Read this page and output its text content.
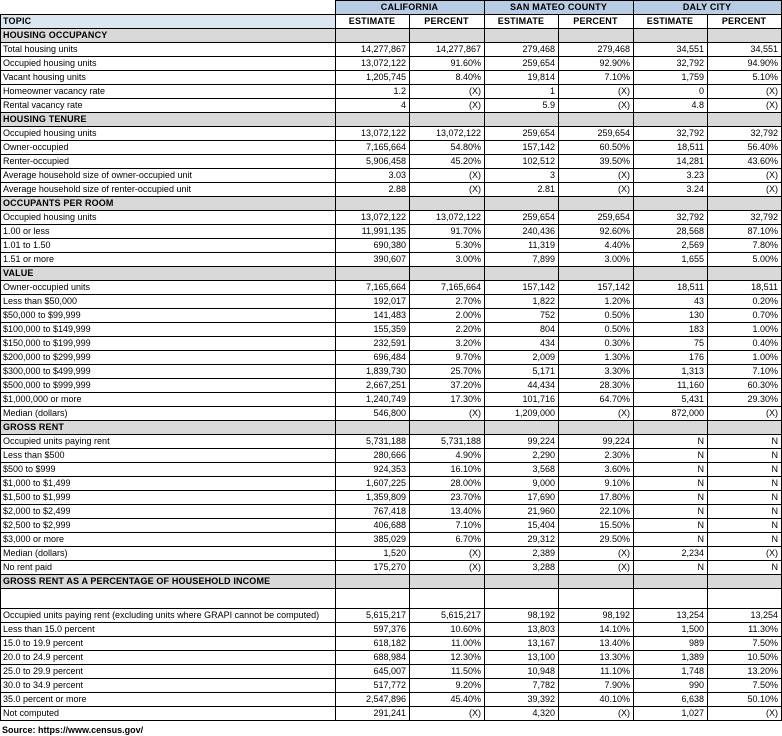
	CALIFORNIA		SAN MATEO COUNTY		DALY CITY	
TOPIC	ESTIMATE	PERCENT	ESTIMATE	PERCENT	ESTIMATE	PERCENT
HOUSING OCCUPANCY						
Total housing units	14,277,867	14,277,867	279,468	279,468	34,551	34,551
Occupied housing units	13,072,122	91.60%	259,654	92.90%	32,792	94.90%
Vacant housing units	1,205,745	8.40%	19,814	7.10%	1,759	5.10%
Homeowner vacancy rate	1.2	(X)	1	(X)	0	(X)
Rental vacancy rate	4	(X)	5.9	(X)	4.8	(X)
HOUSING TENURE						
Occupied housing units	13,072,122	13,072,122	259,654	259,654	32,792	32,792
Owner-occupied	7,165,664	54.80%	157,142	60.50%	18,511	56.40%
Renter-occupied	5,906,458	45.20%	102,512	39.50%	14,281	43.60%
Average household size of owner-occupied unit	3.03	(X)	3	(X)	3.23	(X)
Average household size of renter-occupied unit	2.88	(X)	2.81	(X)	3.24	(X)
OCCUPANTS PER ROOM						
Occupied housing units	13,072,122	13,072,122	259,654	259,654	32,792	32,792
1.00 or less	11,991,135	91.70%	240,436	92.60%	28,568	87.10%
1.01 to 1.50	690,380	5.30%	11,319	4.40%	2,569	7.80%
1.51 or more	390,607	3.00%	7,899	3.00%	1,655	5.00%
VALUE						
Owner-occupied units	7,165,664	7,165,664	157,142	157,142	18,511	18,511
Less than $50,000	192,017	2.70%	1,822	1.20%	43	0.20%
$50,000 to $99,999	141,483	2.00%	752	0.50%	130	0.70%
$100,000 to $149,999	155,359	2.20%	804	0.50%	183	1.00%
$150,000 to $199,999	232,591	3.20%	434	0.30%	75	0.40%
$200,000 to $299,999	696,484	9.70%	2,009	1.30%	176	1.00%
$300,000 to $499,999	1,839,730	25.70%	5,171	3.30%	1,313	7.10%
$500,000 to $999,999	2,667,251	37.20%	44,434	28.30%	11,160	60.30%
$1,000,000 or more	1,240,749	17.30%	101,716	64.70%	5,431	29.30%
Median (dollars)	546,800	(X)	1,209,000	(X)	872,000	(X)
GROSS RENT						
Occupied units paying rent	5,731,188	5,731,188	99,224	99,224	N	N
Less than $500	280,666	4.90%	2,290	2.30%	N	N
$500 to $999	924,353	16.10%	3,568	3.60%	N	N
$1,000 to $1,499	1,607,225	28.00%	9,000	9.10%	N	N
$1,500 to $1,999	1,359,809	23.70%	17,690	17.80%	N	N
$2,000 to $2,499	767,418	13.40%	21,960	22.10%	N	N
$2,500 to $2,999	406,688	7.10%	15,404	15.50%	N	N
$3,000 or more	385,029	6.70%	29,312	29.50%	N	N
Median (dollars)	1,520	(X)	2,389	(X)	2,234	(X)
No rent paid	175,270	(X)	3,288	(X)	N	N
GROSS RENT AS A PERCENTAGE OF HOUSEHOLD INCOME						

Occupied units paying rent (excluding units where GRAPI cannot be computed)	5,615,217	5,615,217	98,192	98,192	13,254	13,254
Less than 15.0 percent	597,376	10.60%	13,803	14.10%	1,500	11.30%
15.0 to 19.9 percent	618,182	11.00%	13,167	13.40%	989	7.50%
20.0 to 24.9 percent	688,984	12.30%	13,100	13.30%	1,389	10.50%
25.0 to 29.9 percent	645,007	11.50%	10,948	11.10%	1,748	13.20%
30.0 to 34.9 percent	517,772	9.20%	7,782	7.90%	990	7.50%
35.0 percent or more	2,547,896	45.40%	39,392	40.10%	6,638	50.10%
Not computed	291,241	(X)	4,320	(X)	1,027	(X)
Source: https://www.census.gov/
